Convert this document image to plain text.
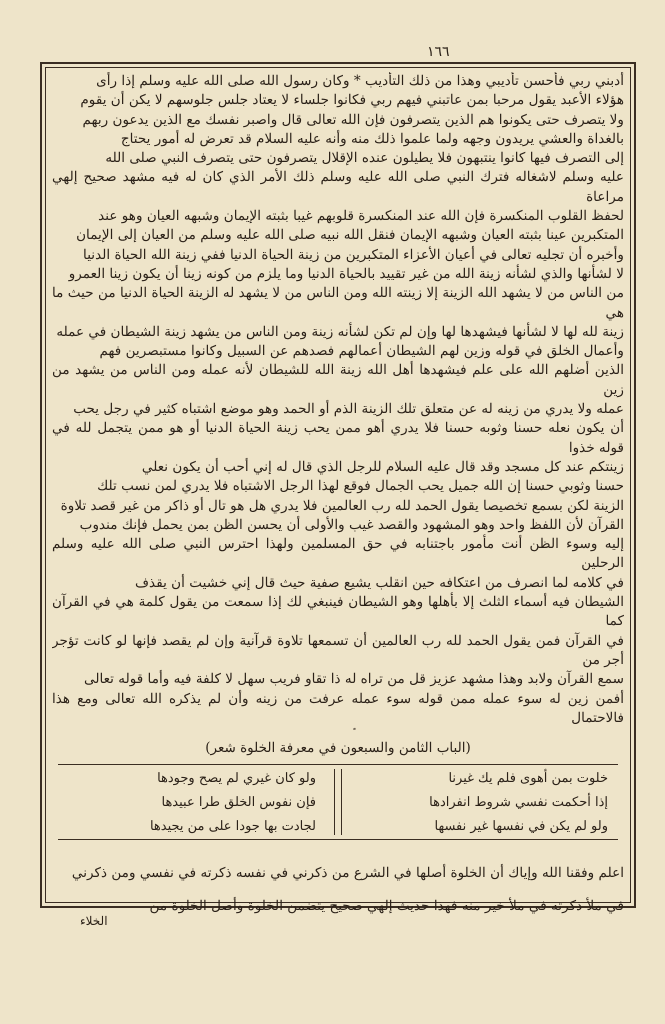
١٦٦

أدبني ربي فأحسن تأديبي وهذا من ذلك التأديب * وكان رسول الله صلى الله عليه وسلم إذا رأى

هؤلاء الأعبد يقول مرحبا بمن عاتبني فيهم ربي فكانوا جلساء لا يعتاد جلس جلوسهم لا يكن أن يقوم

ولا يتصرف حتى يكونوا هم الذين يتصرفون فإن الله تعالى قال واصبر نفسك مع الذين يدعون ربهم

بالغداة والعشي يريدون وجهه ولما علموا ذلك منه وأنه عليه السلام قد تعرض له أمور يحتاج

إلى التصرف فيها كانوا ينتبهون فلا يطيلون عنده الإقلال يتصرفون حتى يتصرف النبي صلى الله

عليه وسلم لاشغاله فترك النبي صلى الله عليه وسلم ذلك الأمر الذي كان له فيه مشهد صحيح إلهي مراعاة

لحفظ القلوب المنكسرة فإن الله عند المنكسرة قلوبهم غيبا بثبته الإيمان وشبهه العيان وهو عند

المتكبرين عينا بثبته العيان وشبهه الإيمان فنقل الله نبيه صلى الله عليه وسلم من العيان إلى الإيمان

وأخبره أن تجليه تعالى في أعيان الأعزاء المتكبرين من زينة الحياة الدنيا ففي زينة الله الحياة الدنيا

لا لشأنها والذي لشأنه زينة الله من غير تقييد بالحياة الدنيا وما يلزم من كونه زينا أن يكون زينا العمرو

من الناس من لا يشهد الله الزينة إلا زينته الله ومن الناس من لا يشهد له الزينة الحياة الدنيا من حيث ما هي

زينة لله لها لا لشأنها فيشهدها لها وإن لم تكن لشأنه زينة ومن الناس من يشهد زينة الشيطان في عمله

وأعمال الخلق في قوله وزين لهم الشيطان أعمالهم فصدهم عن السبيل وكانوا مستبصرين فهم

الذين أضلهم الله على علم فيشهدها أهل الله زينة الله للشيطان لأنه عمله ومن الناس من يشهد من زين

عمله ولا يدري من زينه له عن متعلق تلك الزينة الذم أو الحمد وهو موضع اشتباه كثير في رجل يحب

أن يكون نعله حسنا وثوبه حسنا فلا يدري أهو ممن يحب زينة الحياة الدنيا أو هو ممن يتجمل لله في قوله خذوا

زينتكم عند كل مسجد وقد قال عليه السلام للرجل الذي قال له إني أحب أن يكون نعلي

حسنا وثوبي حسنا إن الله جميل يحب الجمال فوقع لهذا الرجل الاشتباه فلا يدري لمن نسب تلك

الزينة لكن بسمع تخصيصا يقول الحمد لله رب العالمين فلا يدري هل هو تال أو ذاكر من غير قصد تلاوة

القرآن لأن اللفظ واحد وهو المشهود والقصد غيب والأولى أن يحسن الظن بمن يحمل فإنك مندوب

إليه وسوء الظن أنت مأمور باجتنابه في حق المسلمين ولهذا احترس النبي صلى الله عليه وسلم الرحلين

في كلامه لما انصرف من اعتكافه حين انقلب يشيع صفية حيث قال إني خشيت أن يقذف

الشيطان فيه أسماء الثلث إلا بأهلها وهو الشيطان فينبغي لك إذا سمعت من يقول كلمة هي في القرآن كما

في القرآن فمن يقول الحمد لله رب العالمين أن تسمعها تلاوة قرآنية وإن لم يقصد فإنها لو كانت تؤجر أجر من

سمع القرآن ولابد وهذا مشهد عزيز قل من تراه له ذا تقاو فريب سهل لا كلفة فيه وأما قوله تعالى

أفمن زين له سوء عمله ممن قوله سوء عمله عرفت من زينه وأن لم يذكره الله تعالى ومع هذا فالاحتمال

(الباب الثامن والسبعون في معرفة الخلوة شعر)
خلوت بمن أهوى فلم يك غيرنا
إذا أحكمت نفسي شروط انفرادها
ولو لم يكن في نفسها غير نفسها
ولو كان غيري لم يصح وجودها
فإن نفوس الخلق طرا عبيدها
لجادت بها جودا على من يجيدها

اعلم وفقنا الله وإياك أن الخلوة أصلها في الشرع من ذكرني في نفسه ذكرته في نفسي ومن ذكرني

في ملأ ذكرته في ملأ خير منه فهذا حديث إلهي صحيح يتضمن الخلوة وأصل الخلوة من

الخلاء
